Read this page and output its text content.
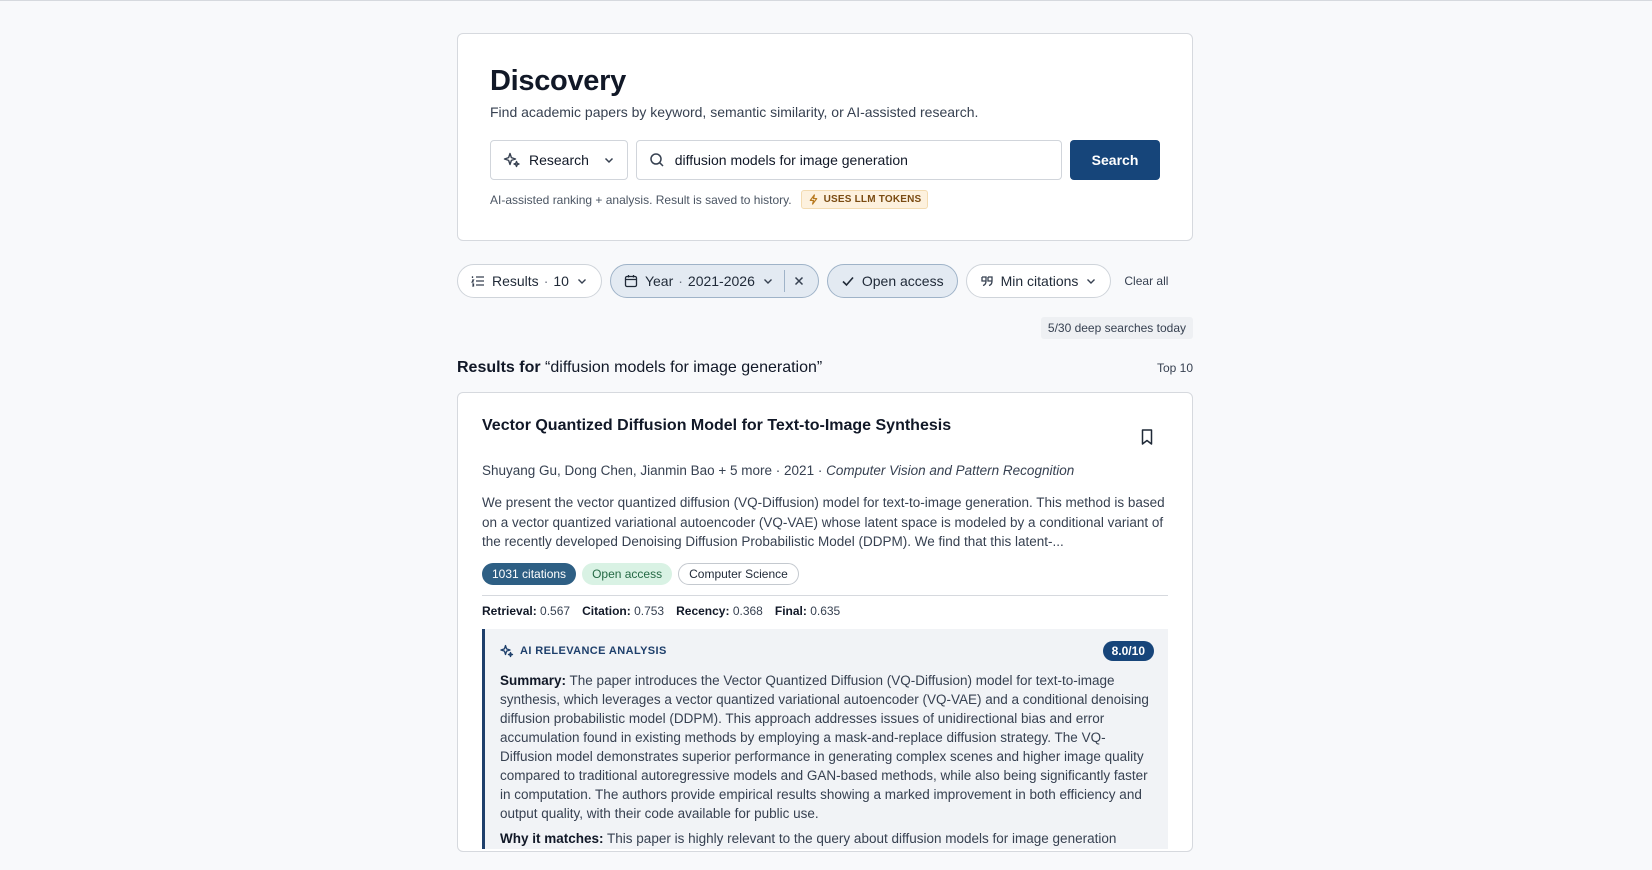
Discovery

Find academic papers by keyword, semantic similarity, or AI-assisted research.

Research	diffusion models for image generation	Search
AI-assisted ranking + analysis. Result is saved to history.	USES LLM TOKENS
Results · 10	Year · 2021-2026	Open access	Min citations	Clear all
5/30 deep searches today
Results for “diffusion models for image generation”	Top 10
Vector Quantized Diffusion Model for Text-to-Image Synthesis

Shuyang Gu, Dong Chen, Jianmin Bao + 5 more · 2021 · Computer Vision and Pattern Recognition

We present the vector quantized diffusion (VQ-Diffusion) model for text-to-image generation. This method is based on a vector quantized variational autoencoder (VQ-VAE) whose latent space is modeled by a conditional variant of the recently developed Denoising Diffusion Probabilistic Model (DDPM). We find that this latent-...

1031 citations	Open access	Computer Science
Retrieval: 0.567 Citation: 0.753 Recency: 0.368 Final: 0.635
AI RELEVANCE ANALYSIS	8.0/10

Summary: The paper introduces the Vector Quantized Diffusion (VQ-Diffusion) model for text-to-image synthesis, which leverages a vector quantized variational autoencoder (VQ-VAE) and a conditional denoising diffusion probabilistic model (DDPM). This approach addresses issues of unidirectional bias and error accumulation found in existing methods by employing a mask-and-replace diffusion strategy. The VQ-Diffusion model demonstrates superior performance in generating complex scenes and higher image quality compared to traditional autoregressive models and GAN-based methods, while also being significantly faster in computation. The authors provide empirical results showing a marked improvement in both efficiency and output quality, with their code available for public use.

Why it matches: This paper is highly relevant to the query about diffusion models for image generation
